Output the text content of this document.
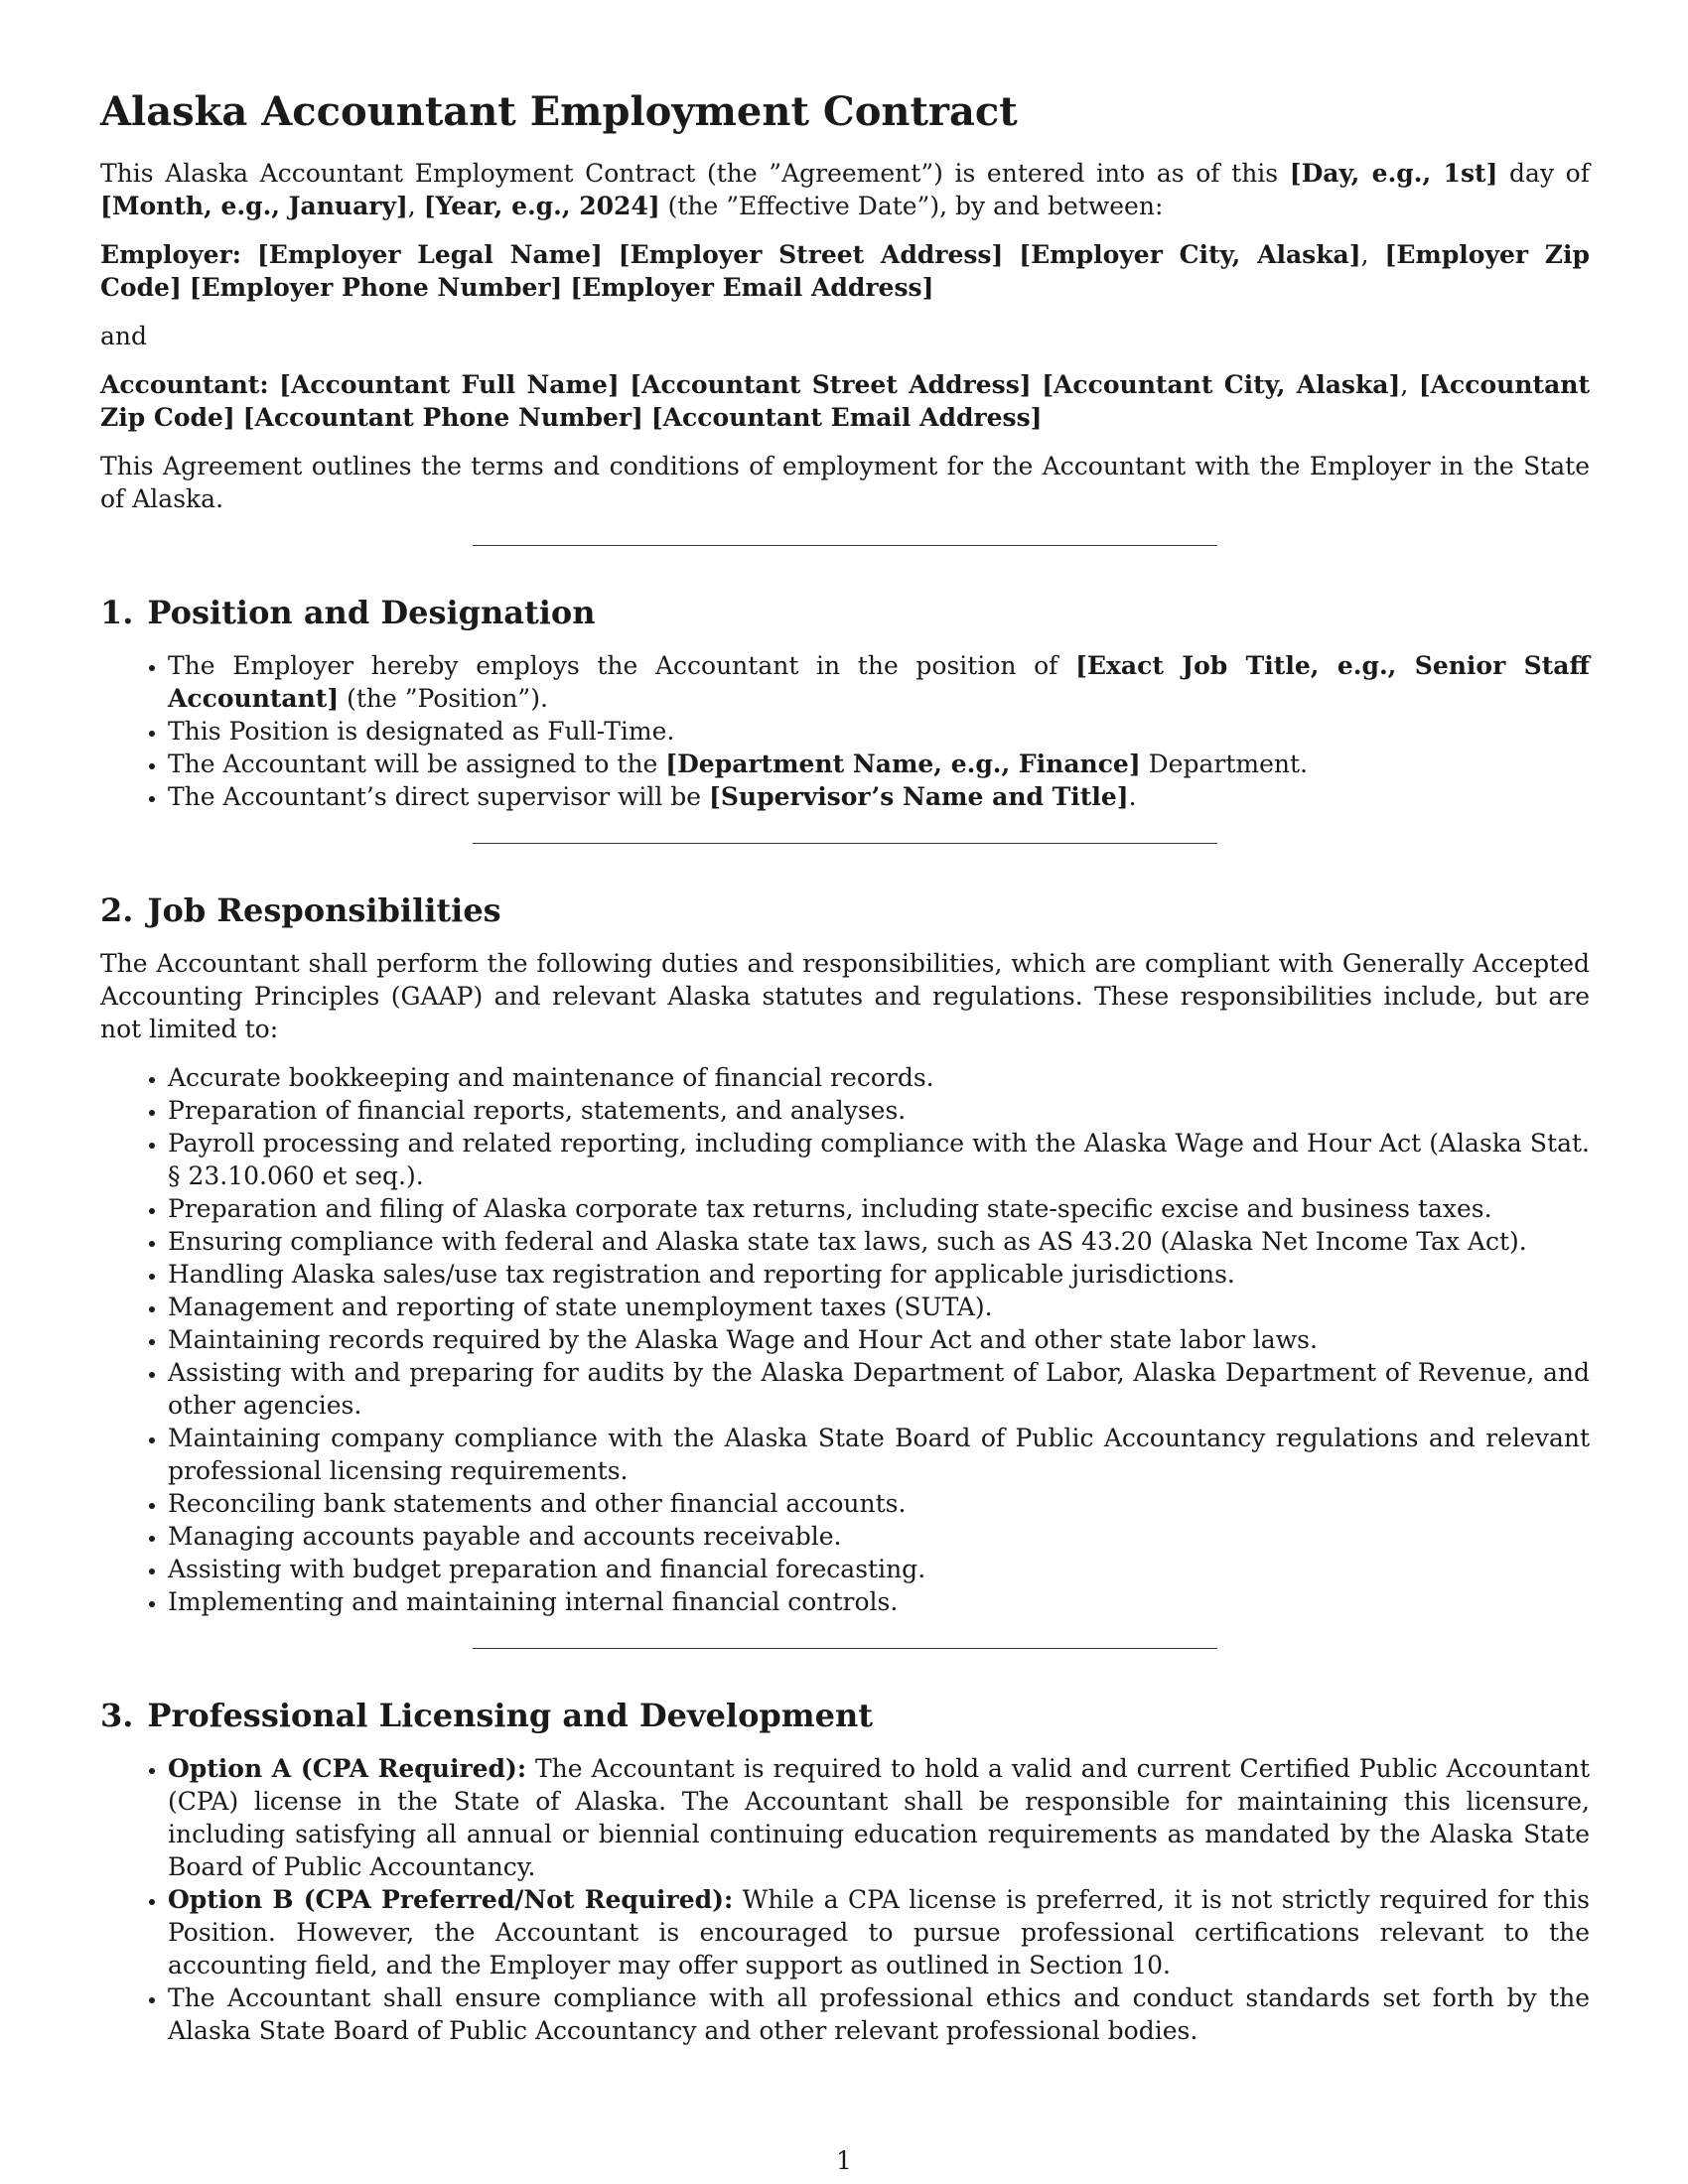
Alaska Accountant Employment Contract

This Alaska Accountant Employment Contract (the ”Agreement”) is entered into as of this [Day, e.g., 1st] day of [Month, e.g., January], [Year, e.g., 2024] (the ”Effective Date”), by and between:

Employer: [Employer Legal Name] [Employer Street Address] [Employer City, Alaska], [Employer Zip Code] [Employer Phone Number] [Employer Email Address]

and

Accountant: [Accountant Full Name] [Accountant Street Address] [Accountant City, Alaska], [Accountant Zip Code] [Accountant Phone Number] [Accountant Email Address]

This Agreement outlines the terms and conditions of employment for the Accountant with the Employer in the State of Alaska.

1. Position and Designation
• The Employer hereby employs the Accountant in the position of [Exact Job Title, e.g., Senior Staff Accountant] (the ”Position”).
• This Position is designated as Full-Time.
• The Accountant will be assigned to the [Department Name, e.g., Finance] Department.
• The Accountant’s direct supervisor will be [Supervisor’s Name and Title].
2. Job Responsibilities

The Accountant shall perform the following duties and responsibilities, which are compliant with Generally Accepted Accounting Principles (GAAP) and relevant Alaska statutes and regulations. These responsibilities include, but are not limited to:

• Accurate bookkeeping and maintenance of financial records.
• Preparation of financial reports, statements, and analyses.
• Payroll processing and related reporting, including compliance with the Alaska Wage and Hour Act (Alaska Stat. § 23.10.060 et seq.).
• Preparation and filing of Alaska corporate tax returns, including state-specific excise and business taxes.
• Ensuring compliance with federal and Alaska state tax laws, such as AS 43.20 (Alaska Net Income Tax Act).
• Handling Alaska sales/use tax registration and reporting for applicable jurisdictions.
• Management and reporting of state unemployment taxes (SUTA).
• Maintaining records required by the Alaska Wage and Hour Act and other state labor laws.
• Assisting with and preparing for audits by the Alaska Department of Labor, Alaska Department of Revenue, and other agencies.
• Maintaining company compliance with the Alaska State Board of Public Accountancy regulations and relevant professional licensing requirements.
• Reconciling bank statements and other financial accounts.
• Managing accounts payable and accounts receivable.
• Assisting with budget preparation and financial forecasting.
• Implementing and maintaining internal financial controls.
3. Professional Licensing and Development
• Option A (CPA Required): The Accountant is required to hold a valid and current Certified Public Accountant (CPA) license in the State of Alaska. The Accountant shall be responsible for maintaining this licensure, including satisfying all annual or biennial continuing education requirements as mandated by the Alaska State Board of Public Accountancy.
• Option B (CPA Preferred/Not Required): While a CPA license is preferred, it is not strictly required for this Position. However, the Accountant is encouraged to pursue professional certifications relevant to the accounting field, and the Employer may offer support as outlined in Section 10.
• The Accountant shall ensure compliance with all professional ethics and conduct standards set forth by the Alaska State Board of Public Accountancy and other relevant professional bodies.
1
